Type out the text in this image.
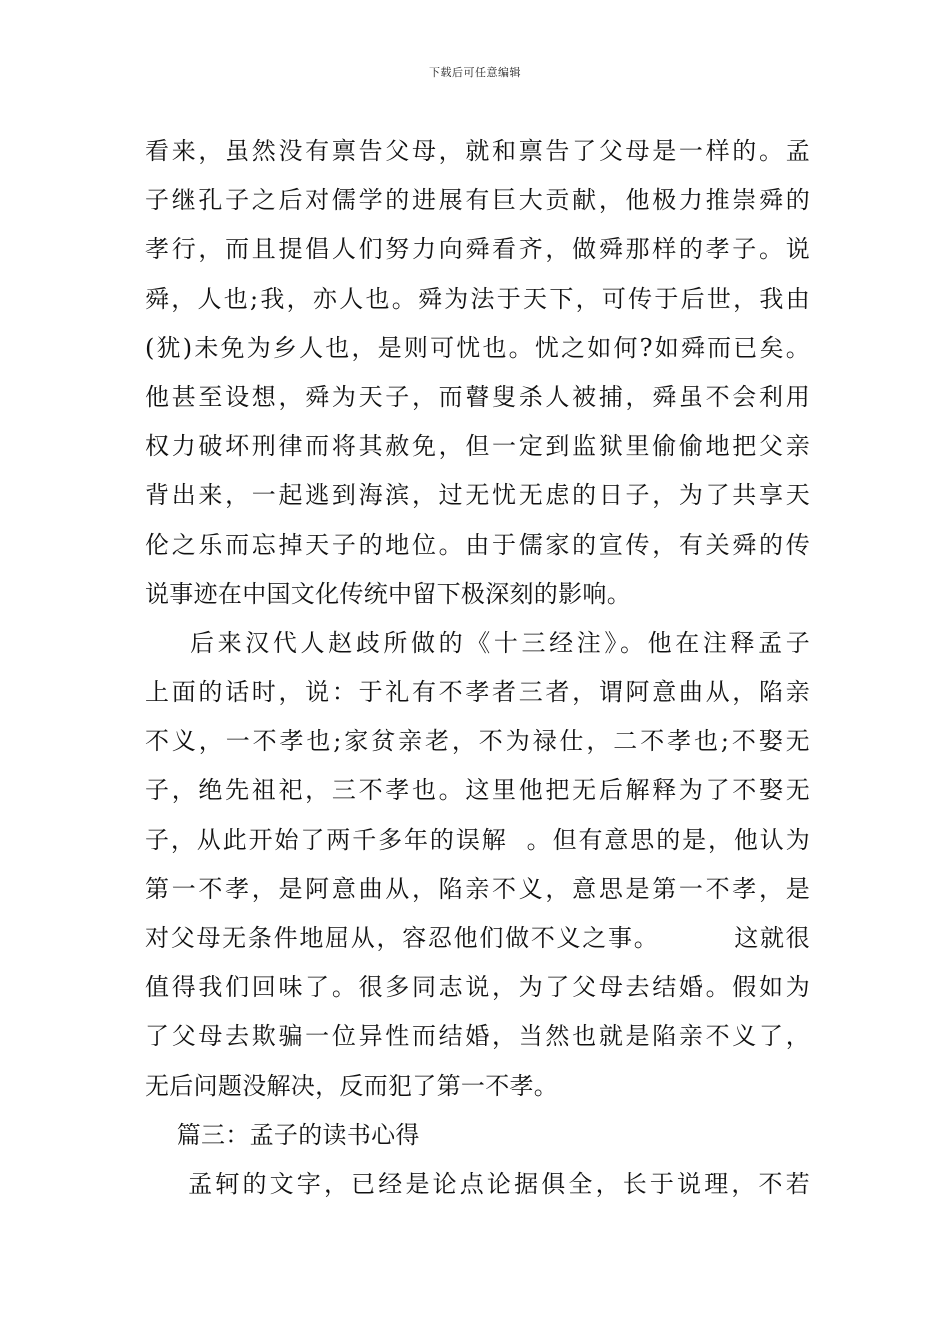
下载后可任意编辑
看来，虽然没有禀告父母，就和禀告了父母是一样的。孟
子继孔子之后对儒学的进展有巨大贡献，他极力推崇舜的
孝行，而且提倡人们努力向舜看齐，做舜那样的孝子。说
舜，人也;我，亦人也。舜为法于天下，可传于后世，我由
(犹)未免为乡人也，是则可忧也。忧之如何?如舜而已矣。
他甚至设想，舜为天子，而瞽叟杀人被捕，舜虽不会利用
权力破坏刑律而将其赦免，但一定到监狱里偷偷地把父亲
背出来，一起逃到海滨，过无忧无虑的日子，为了共享天
伦之乐而忘掉天子的地位。由于儒家的宣传，有关舜的传
说事迹在中国文化传统中留下极深刻的影响。
后来汉代人赵歧所做的《十三经注》。他在注释孟子
上面的话时，说：于礼有不孝者三者，谓阿意曲从，陷亲
不义，一不孝也;家贫亲老，不为禄仕，二不孝也;不娶无
子，绝先祖祀，三不孝也。这里他把无后解释为了不娶无
子，从此开始了两千多年的误解  。但有意思的是，他认为
第一不孝，是阿意曲从，陷亲不义，意思是第一不孝，是
对父母无条件地屈从，容忍他们做不义之事。        这就很
值得我们回味了。很多同志说，为了父母去结婚。假如为
了父母去欺骗一位异性而结婚，当然也就是陷亲不义了，
无后问题没解决，反而犯了第一不孝。
篇三：孟子的读书心得
孟轲的文字，已经是论点论据俱全，长于说理，不若
